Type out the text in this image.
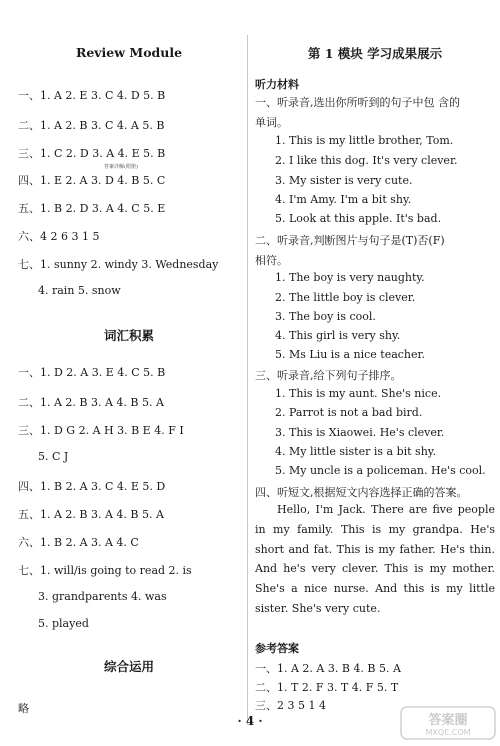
Review Module
一、1. A 2. E 3. C 4. D 5. B
二、1. A 2. B 3. C 4. A 5. B
三、1. C 2. D 3. A 4. E 5. B
答案详解(附册)
四、1. E 2. A 3. D 4. B 5. C
五、1. B 2. D 3. A 4. C 5. E
六、4 2 6 3 1 5
七、1. sunny 2. windy 3. Wednesday
4. rain 5. snow
词汇积累
一、1. D 2. A 3. E 4. C 5. B
二、1. A 2. B 3. A 4. B 5. A
三、1. D G 2. A H 3. B E 4. F I
5. C J
四、1. B 2. A 3. C 4. E 5. D
五、1. A 2. B 3. A 4. B 5. A
六、1. B 2. A 3. A 4. C
七、1. will/is going to read 2. is
3. grandparents 4. was
5. played
综合运用
略
第 1 模块 学习成果展示
听力材料
一、听录音,选出你所听到的句子中包 含的
单词。
1. This is my little brother, Tom.
2. I like this dog. It's very clever.
3. My sister is very cute.
4. I'm Amy. I'm a bit shy.
5. Look at this apple. It's bad.
二、听录音,判断图片与句子是(T)否(F)
相符。
1. The boy is very naughty.
2. The little boy is clever.
3. The boy is cool.
4. This girl is very shy.
5. Ms Liu is a nice teacher.
三、听录音,给下列句子排序。
1. This is my aunt. She's nice.
2. Parrot is not a bad bird.
3. This is Xiaowei. He's clever.
4. My little sister is a bit shy.
5. My uncle is a policeman. He's cool.
四、听短文,根据短文内容选择正确的答案。
Hello, I'm Jack. There are five people in my family. This is my grandpa. He's short and fat. This is my father. He's thin. And he's very clever. This is my mother. She's a nice nurse. And this is my little sister. She's very cute.
参考答案
一、1. A 2. A 3. B 4. B 5. A
二、1. T 2. F 3. T 4. F 5. T
三、2 3 5 1 4
· 4 ·	答案圈
MXQE.COM
